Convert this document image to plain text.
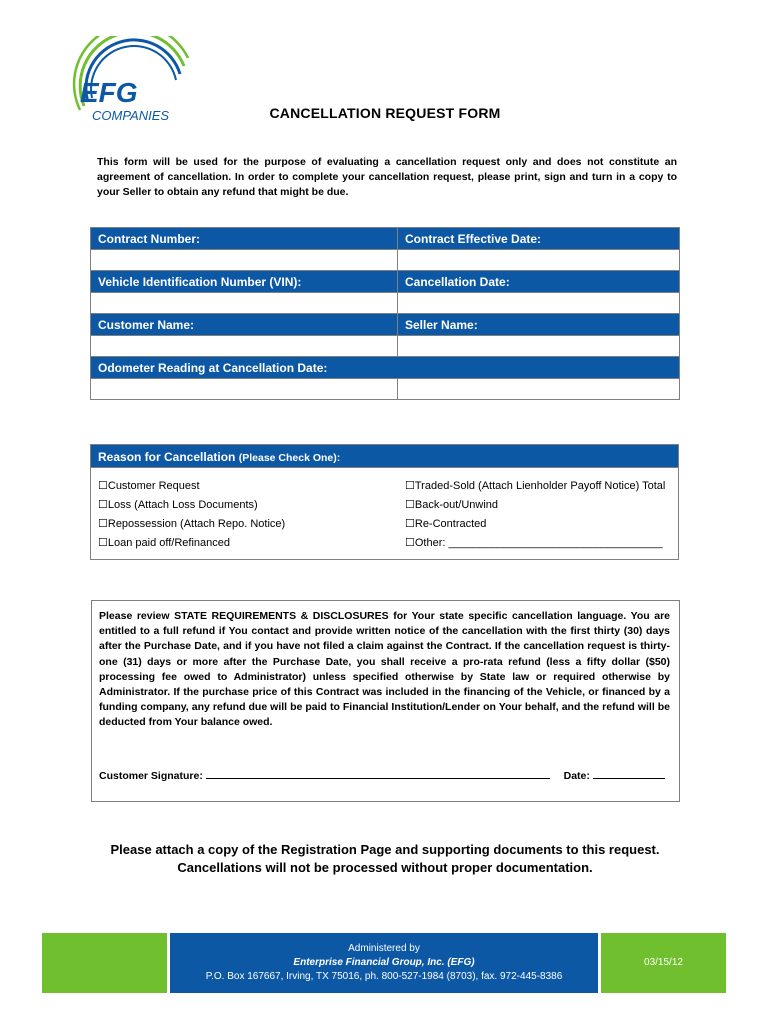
EFG
COMPANIES	CANCELLATION REQUEST FORM
This form will be used for the purpose of evaluating a cancellation request only and does not constitute an agreement of cancellation. In order to complete your cancellation request, please print, sign and turn in a copy to your Seller to obtain any refund that might be due.
Contract Number:	Contract Effective Date:

Vehicle Identification Number (VIN):	Cancellation Date:

Customer Name:	Seller Name:

Odometer Reading at Cancellation Date:	

Reason for Cancellation (Please Check One):
☐Customer Request
☐Loss (Attach Loss Documents)
☐Repossession (Attach Repo. Notice)
☐Loan paid off/Refinanced
☐Traded-Sold (Attach Lienholder Payoff Notice) Total
☐Back-out/Unwind
☐Re-Contracted
☐Other: ___________________________________
Please review STATE REQUIREMENTS & DISCLOSURES for Your state specific cancellation language. You are entitled to a full refund if You contact and provide written notice of the cancellation with the first thirty (30) days after the Purchase Date, and if you have not filed a claim against the Contract. If the cancellation request is thirty-one (31) days or more after the Purchase Date, you shall receive a pro-rata refund (less a fifty dollar ($50) processing fee owed to Administrator) unless specified otherwise by State law or required otherwise by Administrator. If the purchase price of this Contract was included in the financing of the Vehicle, or financed by a funding company, any refund due will be paid to Financial Institution/Lender on Your behalf, and the refund will be deducted from Your balance owed.
Customer Signature:	Date:
Please attach a copy of the Registration Page and supporting documents to this request.
Cancellations will not be processed without proper documentation.
Administered by
Enterprise Financial Group, Inc. (EFG)
P.O. Box 167667, Irving, TX 75016, ph. 800-527-1984 (8703), fax. 972-445-8386
03/15/12
